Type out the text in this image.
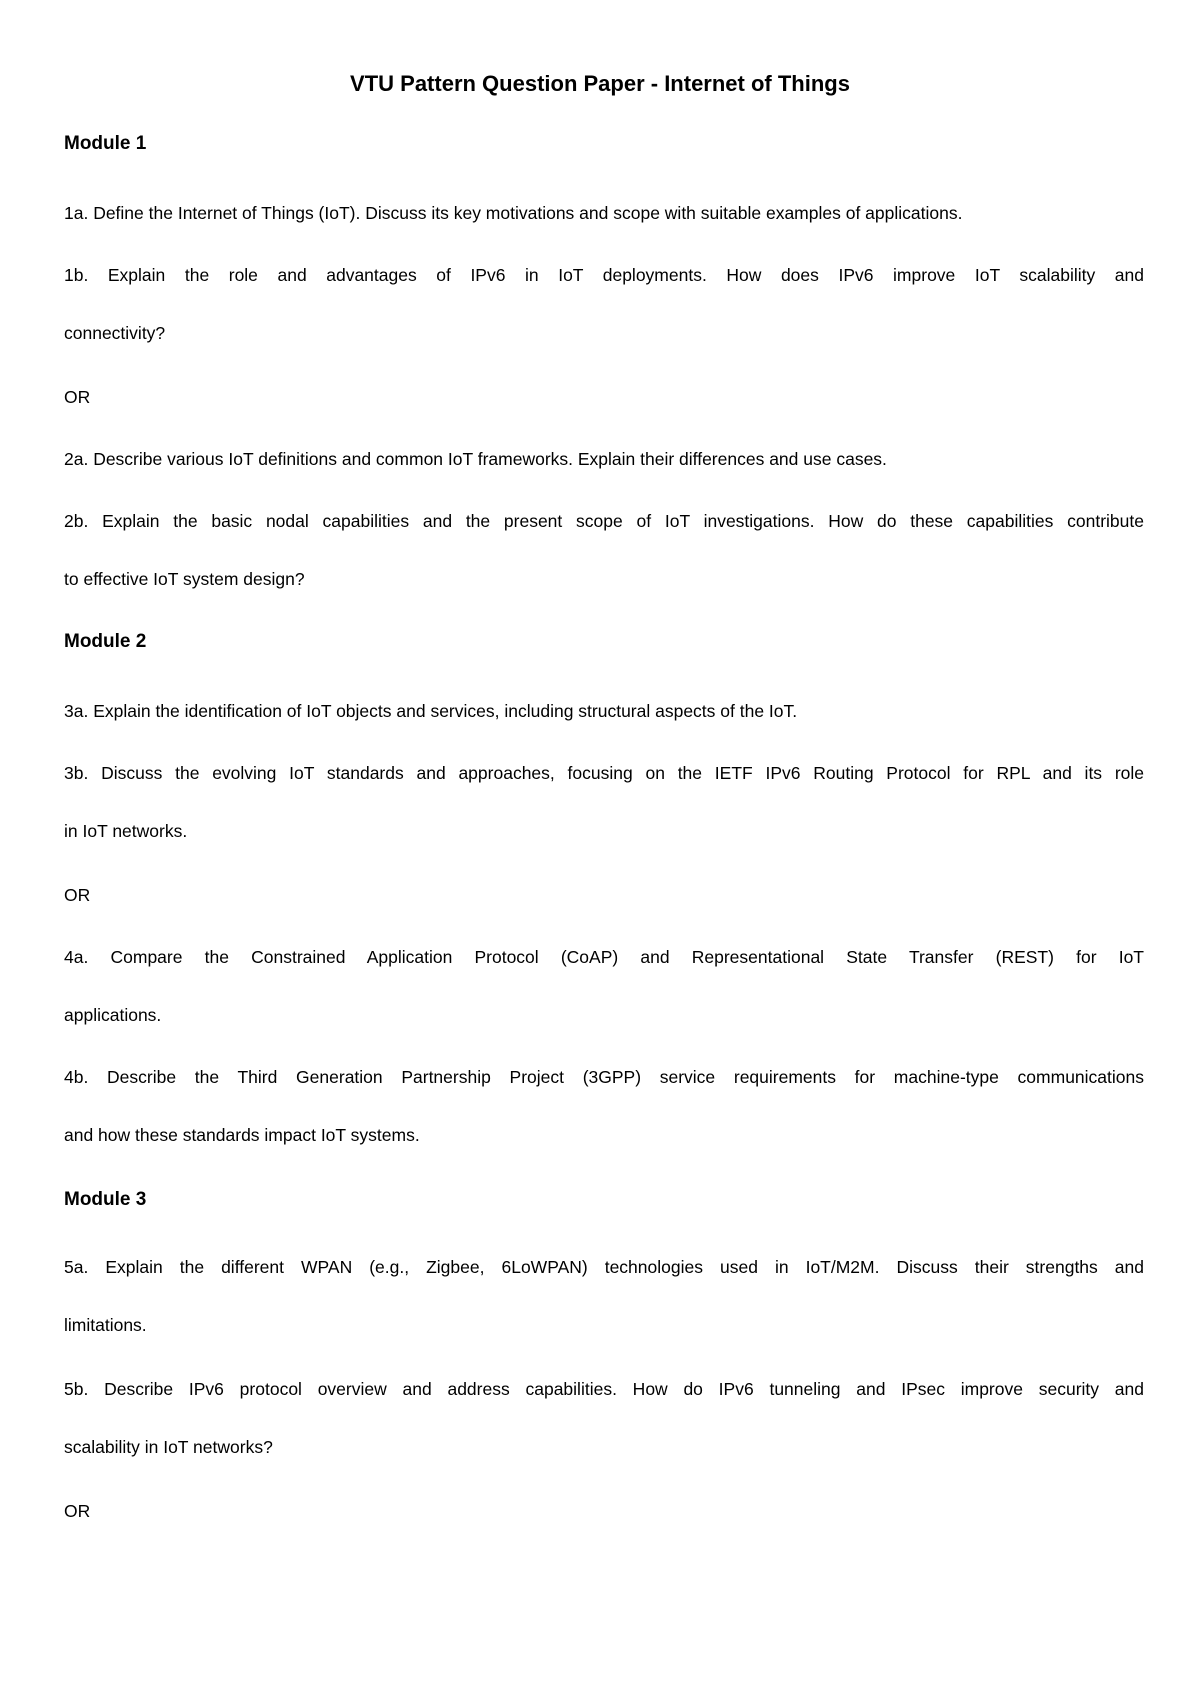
VTU Pattern Question Paper - Internet of Things
Module 1
1a. Define the Internet of Things (IoT). Discuss its key motivations and scope with suitable examples of applications.
1b. Explain the role and advantages of IPv6 in IoT deployments. How does IPv6 improve IoT scalability and
connectivity?
OR
2a. Describe various IoT definitions and common IoT frameworks. Explain their differences and use cases.
2b. Explain the basic nodal capabilities and the present scope of IoT investigations. How do these capabilities contribute
to effective IoT system design?
Module 2
3a. Explain the identification of IoT objects and services, including structural aspects of the IoT.
3b. Discuss the evolving IoT standards and approaches, focusing on the IETF IPv6 Routing Protocol for RPL and its role
in IoT networks.
OR
4a. Compare the Constrained Application Protocol (CoAP) and Representational State Transfer (REST) for IoT
applications.
4b. Describe the Third Generation Partnership Project (3GPP) service requirements for machine-type communications
and how these standards impact IoT systems.
Module 3
5a. Explain the different WPAN (e.g., Zigbee, 6LoWPAN) technologies used in IoT/M2M. Discuss their strengths and
limitations.
5b. Describe IPv6 protocol overview and address capabilities. How do IPv6 tunneling and IPsec improve security and
scalability in IoT networks?
OR
